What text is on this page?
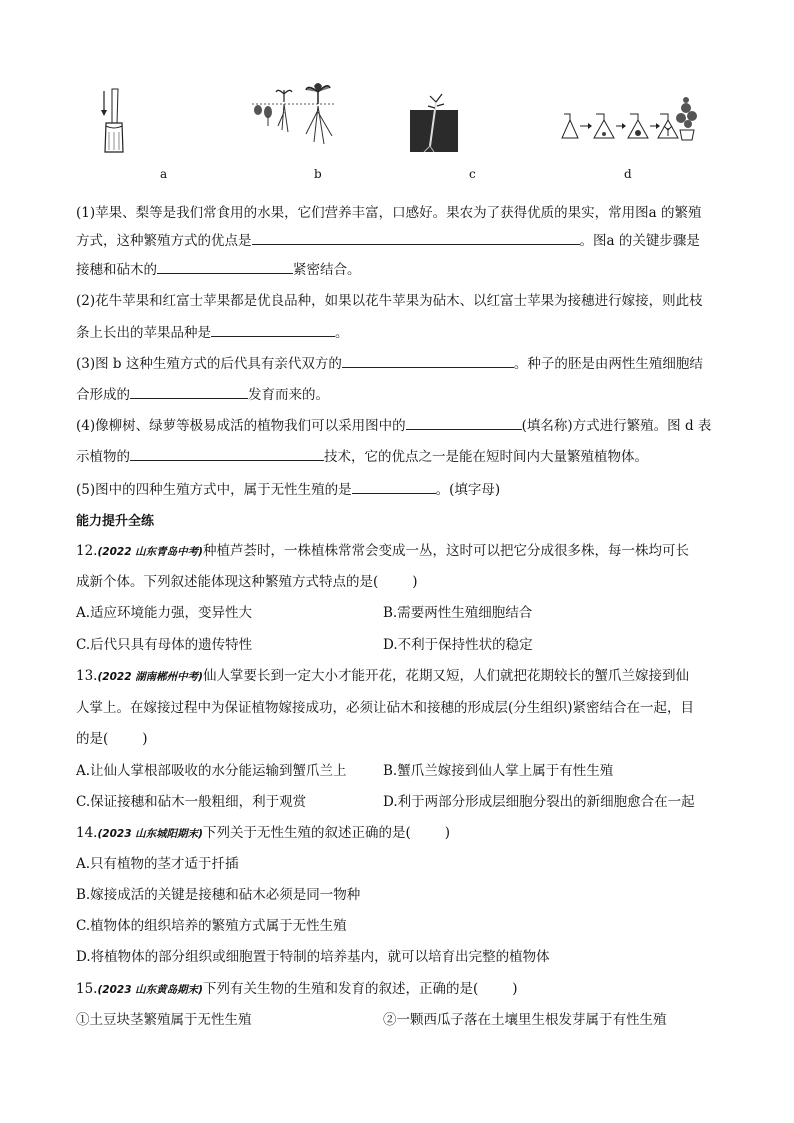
a	b	c	d
(1)苹果、梨等是我们常食用的水果，它们营养丰富，口感好。果农为了获得优质的果实，常用图a 的繁殖
方式，这种繁殖方式的优点是	。图a 的关键步骤是
接穗和砧木的	紧密结合。
(2)花牛苹果和红富士苹果都是优良品种，如果以花牛苹果为砧木、以红富士苹果为接穗进行嫁接，则此枝
条上长出的苹果品种是	。
(3)图 b 这种生殖方式的后代具有亲代双方的	。种子的胚是由两性生殖细胞结
合形成的	发育而来的。
(4)像柳树、绿萝等极易成活的植物我们可以采用图中的	(填名称)方式进行繁殖。图 d 表
示植物的	技术，它的优点之一是能在短时间内大量繁殖植物体。
(5)图中的四种生殖方式中，属于无性生殖的是	。(填字母)
能力提升全练
12.(2022 山东青岛中考)种植芦荟时，一株植株常常会变成一丛，这时可以把它分成很多株，每一株均可长
成新个体。下列叙述能体现这种繁殖方式特点的是(	)
A.适应环境能力强，变异性大	B.需要两性生殖细胞结合
C.后代只具有母体的遗传特性	D.不利于保持性状的稳定
13.(2022 湖南郴州中考)仙人掌要长到一定大小才能开花，花期又短，人们就把花期较长的蟹爪兰嫁接到仙
人掌上。在嫁接过程中为保证植物嫁接成功，必须让砧木和接穗的形成层(分生组织)紧密结合在一起，目
的是(	)
A.让仙人掌根部吸收的水分能运输到蟹爪兰上	B.蟹爪兰嫁接到仙人掌上属于有性生殖
C.保证接穗和砧木一般粗细，利于观赏	D.利于两部分形成层细胞分裂出的新细胞愈合在一起
14.(2023 山东城阳期末)下列关于无性生殖的叙述正确的是(	)
A.只有植物的茎才适于扦插
B.嫁接成活的关键是接穗和砧木必须是同一物种
C.植物体的组织培养的繁殖方式属于无性生殖
D.将植物体的部分组织或细胞置于特制的培养基内，就可以培育出完整的植物体
15.(2023 山东黄岛期末)下列有关生物的生殖和发育的叙述，正确的是(	)
①土豆块茎繁殖属于无性生殖	②一颗西瓜子落在土壤里生根发芽属于有性生殖
